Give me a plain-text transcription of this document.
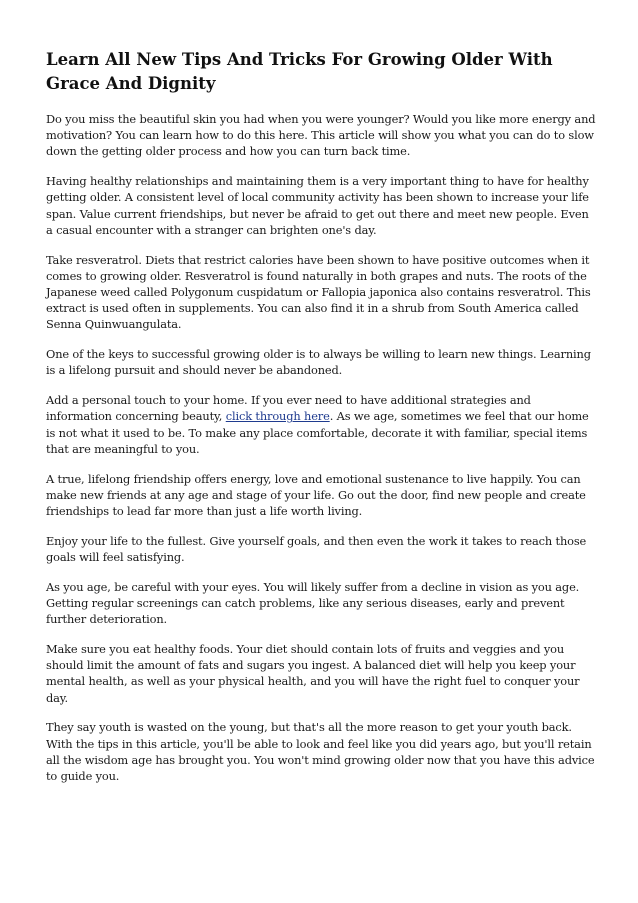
Learn All New Tips And Tricks For Growing Older With Grace And Dignity

Do you miss the beautiful skin you had when you were younger? Would you like more energy and motivation? You can learn how to do this here. This article will show you what you can do to slow down the getting older process and how you can turn back time.

Having healthy relationships and maintaining them is a very important thing to have for healthy getting older. A consistent level of local community activity has been shown to increase your life span. Value current friendships, but never be afraid to get out there and meet new people. Even a casual encounter with a stranger can brighten one's day.

Take resveratrol. Diets that restrict calories have been shown to have positive outcomes when it comes to growing older. Resveratrol is found naturally in both grapes and nuts. The roots of the Japanese weed called Polygonum cuspidatum or Fallopia japonica also contains resveratrol. This extract is used often in supplements. You can also find it in a shrub from South America called Senna Quinwuangulata.

One of the keys to successful growing older is to always be willing to learn new things. Learning is a lifelong pursuit and should never be abandoned.

Add a personal touch to your home. If you ever need to have additional strategies and information concerning beauty, click through here. As we age, sometimes we feel that our home is not what it used to be. To make any place comfortable, decorate it with familiar, special items that are meaningful to you.

A true, lifelong friendship offers energy, love and emotional sustenance to live happily. You can make new friends at any age and stage of your life. Go out the door, find new people and create friendships to lead far more than just a life worth living.

Enjoy your life to the fullest. Give yourself goals, and then even the work it takes to reach those goals will feel satisfying.

As you age, be careful with your eyes. You will likely suffer from a decline in vision as you age. Getting regular screenings can catch problems, like any serious diseases, early and prevent further deterioration.

Make sure you eat healthy foods. Your diet should contain lots of fruits and veggies and you should limit the amount of fats and sugars you ingest. A balanced diet will help you keep your mental health, as well as your physical health, and you will have the right fuel to conquer your day.

They say youth is wasted on the young, but that's all the more reason to get your youth back. With the tips in this article, you'll be able to look and feel like you did years ago, but you'll retain all the wisdom age has brought you. You won't mind growing older now that you have this advice to guide you.
